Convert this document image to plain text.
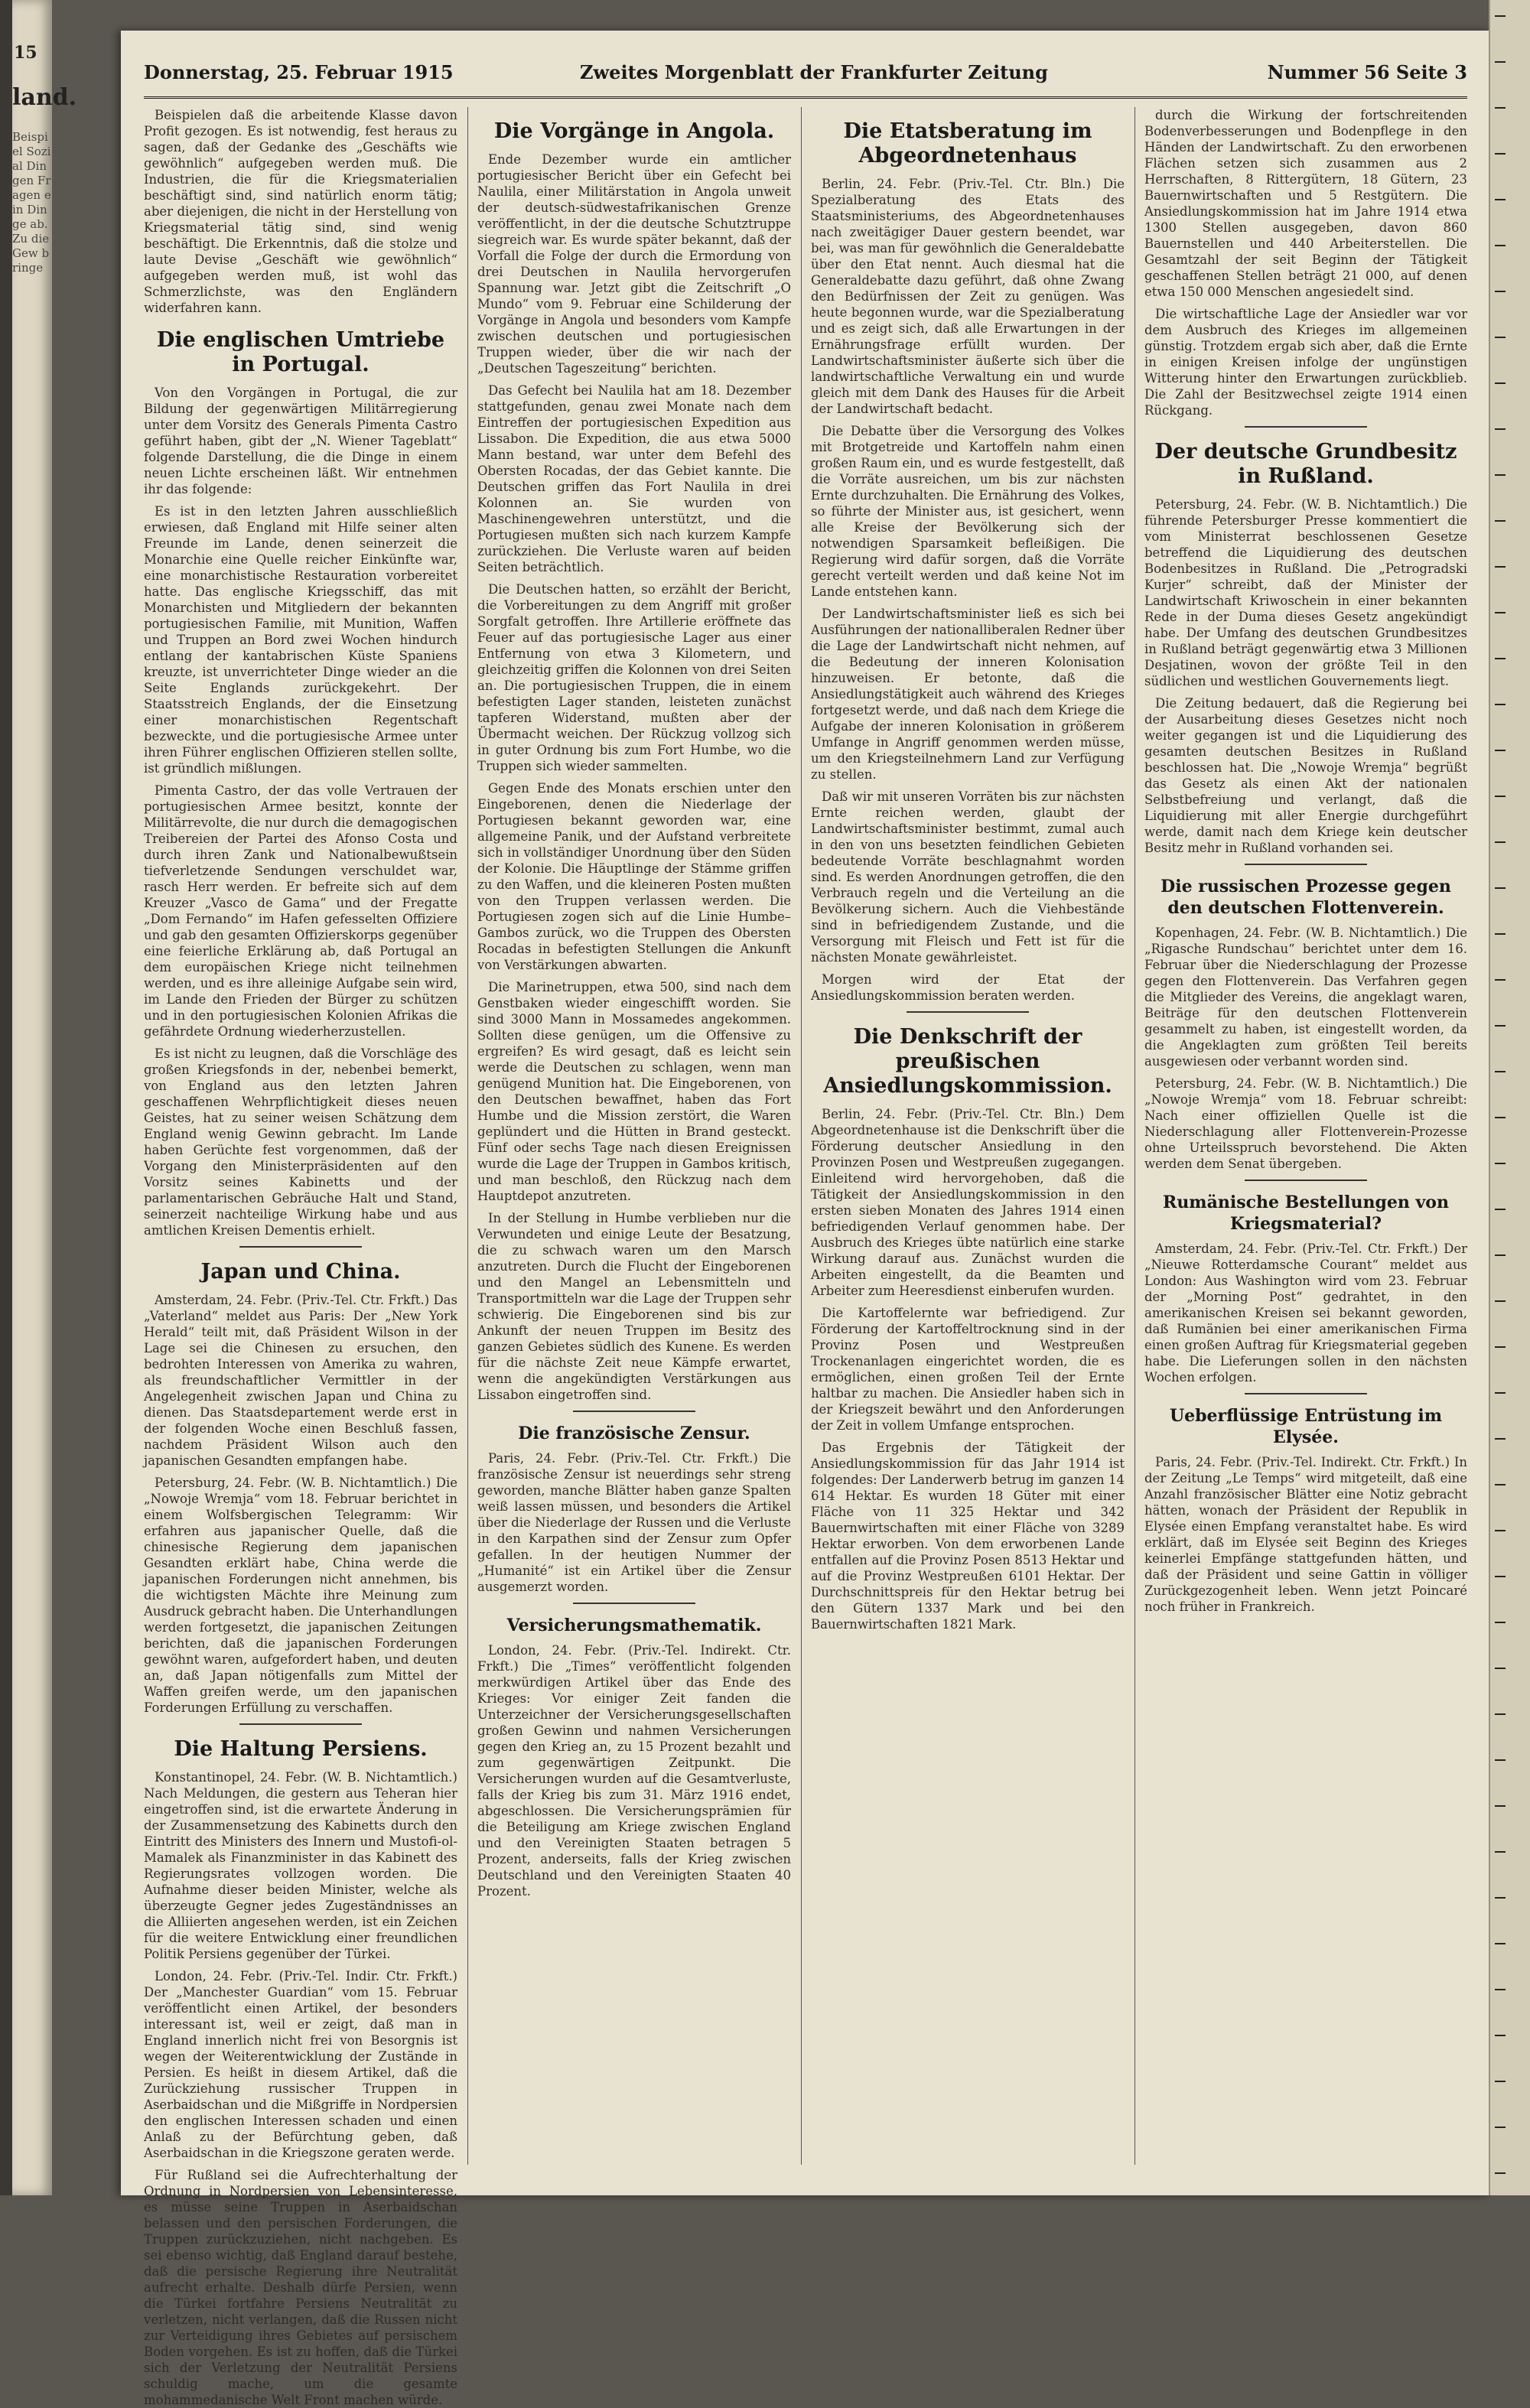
15
land.
Beispiel Sozial Dingen Fragen ein Dinge ab. Zu die Gew bringe
Donnerstag, 25. Februar 1915	Zweites Morgenblatt der Frankfurter Zeitung	Nummer 56 Seite 3

Beispielen daß die arbeitende Klasse davon Profit gezogen. Es ist notwendig, fest heraus zu sagen, daß der Gedanke des „Geschäfts wie gewöhnlich“ aufgegeben werden muß. Die Industrien, die für die Kriegsmaterialien beschäftigt sind, sind natürlich enorm tätig; aber diejenigen, die nicht in der Herstellung von Kriegsmaterial tätig sind, sind wenig beschäftigt. Die Erkenntnis, daß die stolze und laute Devise „Geschäft wie gewöhnlich“ aufgegeben werden muß, ist wohl das Schmerzlichste, was den Engländern widerfahren kann.

Die englischen Umtriebe in Portugal.

Von den Vorgängen in Portugal, die zur Bildung der gegenwärtigen Militärregierung unter dem Vorsitz des Generals Pimenta Castro geführt haben, gibt der „N. Wiener Tageblatt“ folgende Darstellung, die die Dinge in einem neuen Lichte erscheinen läßt. Wir entnehmen ihr das folgende:

Es ist in den letzten Jahren ausschließlich erwiesen, daß England mit Hilfe seiner alten Freunde im Lande, denen seinerzeit die Monarchie eine Quelle reicher Einkünfte war, eine monarchistische Restauration vorbereitet hatte. Das englische Kriegsschiff, das mit Monarchisten und Mitgliedern der bekannten portugiesischen Familie, mit Munition, Waffen und Truppen an Bord zwei Wochen hindurch entlang der kantabrischen Küste Spaniens kreuzte, ist unverrichteter Dinge wieder an die Seite Englands zurückgekehrt. Der Staatsstreich Englands, der die Einsetzung einer monarchistischen Regentschaft bezweckte, und die portugiesische Armee unter ihren Führer englischen Offizieren stellen sollte, ist gründlich mißlungen.

Pimenta Castro, der das volle Vertrauen der portugiesischen Armee besitzt, konnte der Militärrevolte, die nur durch die demagogischen Treibereien der Partei des Afonso Costa und durch ihren Zank und Nationalbewußtsein tiefverletzende Sendungen verschuldet war, rasch Herr werden. Er befreite sich auf dem Kreuzer „Vasco de Gama“ und der Fregatte „Dom Fernando“ im Hafen gefesselten Offiziere und gab den gesamten Offizierskorps gegenüber eine feierliche Erklärung ab, daß Portugal an dem europäischen Kriege nicht teilnehmen werden, und es ihre alleinige Aufgabe sein wird, im Lande den Frieden der Bürger zu schützen und in den portugiesischen Kolonien Afrikas die gefährdete Ordnung wiederherzustellen.

Es ist nicht zu leugnen, daß die Vorschläge des großen Kriegsfonds in der, nebenbei bemerkt, von England aus den letzten Jahren geschaffenen Wehrpflichtigkeit dieses neuen Geistes, hat zu seiner weisen Schätzung dem England wenig Gewinn gebracht. Im Lande haben Gerüchte fest vorgenommen, daß der Vorgang den Ministerpräsidenten auf den Vorsitz seines Kabinetts und der parlamentarischen Gebräuche Halt und Stand, seinerzeit nachteilige Wirkung habe und aus amtlichen Kreisen Dementis erhielt.

Japan und China.

Amsterdam, 24. Febr. (Priv.-Tel. Ctr. Frkft.) Das „Vaterland“ meldet aus Paris: Der „New York Herald“ teilt mit, daß Präsident Wilson in der Lage sei die Chinesen zu ersuchen, den bedrohten Interessen von Amerika zu wahren, als freundschaftlicher Vermittler in der Angelegenheit zwischen Japan und China zu dienen. Das Staatsdepartement werde erst in der folgenden Woche einen Beschluß fassen, nachdem Präsident Wilson auch den japanischen Gesandten empfangen habe.

Petersburg, 24. Febr. (W. B. Nichtamtlich.) Die „Nowoje Wremja“ vom 18. Februar berichtet in einem Wolfsbergischen Telegramm: Wir erfahren aus japanischer Quelle, daß die chinesische Regierung dem japanischen Gesandten erklärt habe, China werde die japanischen Forderungen nicht annehmen, bis die wichtigsten Mächte ihre Meinung zum Ausdruck gebracht haben. Die Unterhandlungen werden fortgesetzt, die japanischen Zeitungen berichten, daß die japanischen Forderungen gewöhnt waren, aufgefordert haben, und deuten an, daß Japan nötigenfalls zum Mittel der Waffen greifen werde, um den japanischen Forderungen Erfüllung zu verschaffen.

Die Haltung Persiens.

Konstantinopel, 24. Febr. (W. B. Nichtamtlich.) Nach Meldungen, die gestern aus Teheran hier eingetroffen sind, ist die erwartete Änderung in der Zusammensetzung des Kabinetts durch den Eintritt des Ministers des Innern und Mustofi-ol-Mamalek als Finanzminister in das Kabinett des Regierungsrates vollzogen worden. Die Aufnahme dieser beiden Minister, welche als überzeugte Gegner jedes Zugeständnisses an die Alliierten angesehen werden, ist ein Zeichen für die weitere Entwicklung einer freundlichen Politik Persiens gegenüber der Türkei.

London, 24. Febr. (Priv.-Tel. Indir. Ctr. Frkft.) Der „Manchester Guardian“ vom 15. Februar veröffentlicht einen Artikel, der besonders interessant ist, weil er zeigt, daß man in England innerlich nicht frei von Besorgnis ist wegen der Weiterentwicklung der Zustände in Persien. Es heißt in diesem Artikel, daß die Zurückziehung russischer Truppen in Aserbaidschan und die Mißgriffe in Nordpersien den englischen Interessen schaden und einen Anlaß zu der Befürchtung geben, daß Aserbaidschan in die Kriegszone geraten werde.

Für Rußland sei die Aufrechterhaltung der Ordnung in Nordpersien von Lebensinteresse, es müsse seine Truppen in Aserbaidschan belassen und den persischen Forderungen, die Truppen zurückzuziehen, nicht nachgeben. Es sei ebenso wichtig, daß England darauf bestehe, daß die persische Regierung ihre Neutralität aufrecht erhalte. Deshalb dürfe Persien, wenn die Türkei fortfahre Persiens Neutralität zu verletzen, nicht verlangen, daß die Russen nicht zur Verteidigung ihres Gebietes auf persischem Boden vorgehen. Es ist zu hoffen, daß die Türkei sich der Verletzung der Neutralität Persiens schuldig mache, um die gesamte mohammedanische Welt Front machen würde.

Die Vorgänge in Angola.

Ende Dezember wurde ein amtlicher portugiesischer Bericht über ein Gefecht bei Naulila, einer Militärstation in Angola unweit der deutsch-südwestafrikanischen Grenze veröffentlicht, in der die deutsche Schutztruppe siegreich war. Es wurde später bekannt, daß der Vorfall die Folge der durch die Ermordung von drei Deutschen in Naulila hervorgerufen Spannung war. Jetzt gibt die Zeitschrift „O Mundo“ vom 9. Februar eine Schilderung der Vorgänge in Angola und besonders vom Kampfe zwischen deutschen und portugiesischen Truppen wieder, über die wir nach der „Deutschen Tageszeitung“ berichten.

Das Gefecht bei Naulila hat am 18. Dezember stattgefunden, genau zwei Monate nach dem Eintreffen der portugiesischen Expedition aus Lissabon. Die Expedition, die aus etwa 5000 Mann bestand, war unter dem Befehl des Obersten Rocadas, der das Gebiet kannte. Die Deutschen griffen das Fort Naulila in drei Kolonnen an. Sie wurden von Maschinengewehren unterstützt, und die Portugiesen mußten sich nach kurzem Kampfe zurückziehen. Die Verluste waren auf beiden Seiten beträchtlich.

Die Deutschen hatten, so erzählt der Bericht, die Vorbereitungen zu dem Angriff mit großer Sorgfalt getroffen. Ihre Artillerie eröffnete das Feuer auf das portugiesische Lager aus einer Entfernung von etwa 3 Kilometern, und gleichzeitig griffen die Kolonnen von drei Seiten an. Die portugiesischen Truppen, die in einem befestigten Lager standen, leisteten zunächst tapferen Widerstand, mußten aber der Übermacht weichen. Der Rückzug vollzog sich in guter Ordnung bis zum Fort Humbe, wo die Truppen sich wieder sammelten.

Gegen Ende des Monats erschien unter den Eingeborenen, denen die Niederlage der Portugiesen bekannt geworden war, eine allgemeine Panik, und der Aufstand verbreitete sich in vollständiger Unordnung über den Süden der Kolonie. Die Häuptlinge der Stämme griffen zu den Waffen, und die kleineren Posten mußten von den Truppen verlassen werden. Die Portugiesen zogen sich auf die Linie Humbe–Gambos zurück, wo die Truppen des Obersten Rocadas in befestigten Stellungen die Ankunft von Verstärkungen abwarten.

Die Marinetruppen, etwa 500, sind nach dem Genstbaken wieder eingeschifft worden. Sie sind 3000 Mann in Mossamedes angekommen. Sollten diese genügen, um die Offensive zu ergreifen? Es wird gesagt, daß es leicht sein werde die Deutschen zu schlagen, wenn man genügend Munition hat. Die Eingeborenen, von den Deutschen bewaffnet, haben das Fort Humbe und die Mission zerstört, die Waren geplündert und die Hütten in Brand gesteckt. Fünf oder sechs Tage nach diesen Ereignissen wurde die Lage der Truppen in Gambos kritisch, und man beschloß, den Rückzug nach dem Hauptdepot anzutreten.

In der Stellung in Humbe verblieben nur die Verwundeten und einige Leute der Besatzung, die zu schwach waren um den Marsch anzutreten. Durch die Flucht der Eingeborenen und den Mangel an Lebensmitteln und Transportmitteln war die Lage der Truppen sehr schwierig. Die Eingeborenen sind bis zur Ankunft der neuen Truppen im Besitz des ganzen Gebietes südlich des Kunene. Es werden für die nächste Zeit neue Kämpfe erwartet, wenn die angekündigten Verstärkungen aus Lissabon eingetroffen sind.

Die französische Zensur.

Paris, 24. Febr. (Priv.-Tel. Ctr. Frkft.) Die französische Zensur ist neuerdings sehr streng geworden, manche Blätter haben ganze Spalten weiß lassen müssen, und besonders die Artikel über die Niederlage der Russen und die Verluste in den Karpathen sind der Zensur zum Opfer gefallen. In der heutigen Nummer der „Humanité“ ist ein Artikel über die Zensur ausgemerzt worden.

Versicherungsmathematik.

London, 24. Febr. (Priv.-Tel. Indirekt. Ctr. Frkft.) Die „Times“ veröffentlicht folgenden merkwürdigen Artikel über das Ende des Krieges: Vor einiger Zeit fanden die Unterzeichner der Versicherungsgesellschaften großen Gewinn und nahmen Versicherungen gegen den Krieg an, zu 15 Prozent bezahlt und zum gegenwärtigen Zeitpunkt. Die Versicherungen wurden auf die Gesamtverluste, falls der Krieg bis zum 31. März 1916 endet, abgeschlossen. Die Versicherungsprämien für die Beteiligung am Kriege zwischen England und den Vereinigten Staaten betragen 5 Prozent, anderseits, falls der Krieg zwischen Deutschland und den Vereinigten Staaten 40 Prozent.

Die Etatsberatung im Abgeordnetenhaus

Berlin, 24. Febr. (Priv.-Tel. Ctr. Bln.) Die Spezialberatung des Etats des Staatsministeriums, des Abgeordnetenhauses nach zweitägiger Dauer gestern beendet, war bei, was man für gewöhnlich die Generaldebatte über den Etat nennt. Auch diesmal hat die Generaldebatte dazu geführt, daß ohne Zwang den Bedürfnissen der Zeit zu genügen. Was heute begonnen wurde, war die Spezialberatung und es zeigt sich, daß alle Erwartungen in der Ernährungsfrage erfüllt wurden. Der Landwirtschaftsminister äußerte sich über die landwirtschaftliche Verwaltung ein und wurde gleich mit dem Dank des Hauses für die Arbeit der Landwirtschaft bedacht.

Die Debatte über die Versorgung des Volkes mit Brotgetreide und Kartoffeln nahm einen großen Raum ein, und es wurde festgestellt, daß die Vorräte ausreichen, um bis zur nächsten Ernte durchzuhalten. Die Ernährung des Volkes, so führte der Minister aus, ist gesichert, wenn alle Kreise der Bevölkerung sich der notwendigen Sparsamkeit befleißigen. Die Regierung wird dafür sorgen, daß die Vorräte gerecht verteilt werden und daß keine Not im Lande entstehen kann.

Der Landwirtschaftsminister ließ es sich bei Ausführungen der nationalliberalen Redner über die Lage der Landwirtschaft nicht nehmen, auf die Bedeutung der inneren Kolonisation hinzuweisen. Er betonte, daß die Ansiedlungstätigkeit auch während des Krieges fortgesetzt werde, und daß nach dem Kriege die Aufgabe der inneren Kolonisation in größerem Umfange in Angriff genommen werden müsse, um den Kriegsteilnehmern Land zur Verfügung zu stellen.

Daß wir mit unseren Vorräten bis zur nächsten Ernte reichen werden, glaubt der Landwirtschaftsminister bestimmt, zumal auch in den von uns besetzten feindlichen Gebieten bedeutende Vorräte beschlagnahmt worden sind. Es werden Anordnungen getroffen, die den Verbrauch regeln und die Verteilung an die Bevölkerung sichern. Auch die Viehbestände sind in befriedigendem Zustande, und die Versorgung mit Fleisch und Fett ist für die nächsten Monate gewährleistet.

Morgen wird der Etat der Ansiedlungskommission beraten werden.

Die Denkschrift der preußischen Ansiedlungskommission.

Berlin, 24. Febr. (Priv.-Tel. Ctr. Bln.) Dem Abgeordnetenhause ist die Denkschrift über die Förderung deutscher Ansiedlung in den Provinzen Posen und Westpreußen zugegangen. Einleitend wird hervorgehoben, daß die Tätigkeit der Ansiedlungskommission in den ersten sieben Monaten des Jahres 1914 einen befriedigenden Verlauf genommen habe. Der Ausbruch des Krieges übte natürlich eine starke Wirkung darauf aus. Zunächst wurden die Arbeiten eingestellt, da die Beamten und Arbeiter zum Heeresdienst einberufen wurden.

Die Kartoffelernte war befriedigend. Zur Förderung der Kartoffeltrocknung sind in der Provinz Posen und Westpreußen Trockenanlagen eingerichtet worden, die es ermöglichen, einen großen Teil der Ernte haltbar zu machen. Die Ansiedler haben sich in der Kriegszeit bewährt und den Anforderungen der Zeit in vollem Umfange entsprochen.

Das Ergebnis der Tätigkeit der Ansiedlungskommission für das Jahr 1914 ist folgendes: Der Landerwerb betrug im ganzen 14 614 Hektar. Es wurden 18 Güter mit einer Fläche von 11 325 Hektar und 342 Bauernwirtschaften mit einer Fläche von 3289 Hektar erworben. Von dem erworbenen Lande entfallen auf die Provinz Posen 8513 Hektar und auf die Provinz Westpreußen 6101 Hektar. Der Durchschnittspreis für den Hektar betrug bei den Gütern 1337 Mark und bei den Bauernwirtschaften 1821 Mark.

durch die Wirkung der fortschreitenden Bodenverbesserungen und Bodenpflege in den Händen der Landwirtschaft. Zu den erworbenen Flächen setzen sich zusammen aus 2 Herrschaften, 8 Rittergütern, 18 Gütern, 23 Bauernwirtschaften und 5 Restgütern. Die Ansiedlungskommission hat im Jahre 1914 etwa 1300 Stellen ausgegeben, davon 860 Bauernstellen und 440 Arbeiterstellen. Die Gesamtzahl der seit Beginn der Tätigkeit geschaffenen Stellen beträgt 21 000, auf denen etwa 150 000 Menschen angesiedelt sind.

Die wirtschaftliche Lage der Ansiedler war vor dem Ausbruch des Krieges im allgemeinen günstig. Trotzdem ergab sich aber, daß die Ernte in einigen Kreisen infolge der ungünstigen Witterung hinter den Erwartungen zurückblieb. Die Zahl der Besitzwechsel zeigte 1914 einen Rückgang.

Der deutsche Grundbesitz in Rußland.

Petersburg, 24. Febr. (W. B. Nichtamtlich.) Die führende Petersburger Presse kommentiert die vom Ministerrat beschlossenen Gesetze betreffend die Liquidierung des deutschen Bodenbesitzes in Rußland. Die „Petrogradski Kurjer“ schreibt, daß der Minister der Landwirtschaft Kriwoschein in einer bekannten Rede in der Duma dieses Gesetz angekündigt habe. Der Umfang des deutschen Grundbesitzes in Rußland beträgt gegenwärtig etwa 3 Millionen Desjatinen, wovon der größte Teil in den südlichen und westlichen Gouvernements liegt.

Die Zeitung bedauert, daß die Regierung bei der Ausarbeitung dieses Gesetzes nicht noch weiter gegangen ist und die Liquidierung des gesamten deutschen Besitzes in Rußland beschlossen hat. Die „Nowoje Wremja“ begrüßt das Gesetz als einen Akt der nationalen Selbstbefreiung und verlangt, daß die Liquidierung mit aller Energie durchgeführt werde, damit nach dem Kriege kein deutscher Besitz mehr in Rußland vorhanden sei.

Die russischen Prozesse gegen den deutschen Flottenverein.

Kopenhagen, 24. Febr. (W. B. Nichtamtlich.) Die „Rigasche Rundschau“ berichtet unter dem 16. Februar über die Niederschlagung der Prozesse gegen den Flottenverein. Das Verfahren gegen die Mitglieder des Vereins, die angeklagt waren, Beiträge für den deutschen Flottenverein gesammelt zu haben, ist eingestellt worden, da die Angeklagten zum größten Teil bereits ausgewiesen oder verbannt worden sind.

Petersburg, 24. Febr. (W. B. Nichtamtlich.) Die „Nowoje Wremja“ vom 18. Februar schreibt: Nach einer offiziellen Quelle ist die Niederschlagung aller Flottenverein-Prozesse ohne Urteilsspruch bevorstehend. Die Akten werden dem Senat übergeben.

Rumänische Bestellungen von Kriegsmaterial?

Amsterdam, 24. Febr. (Priv.-Tel. Ctr. Frkft.) Der „Nieuwe Rotterdamsche Courant“ meldet aus London: Aus Washington wird vom 23. Februar der „Morning Post“ gedrahtet, in den amerikanischen Kreisen sei bekannt geworden, daß Rumänien bei einer amerikanischen Firma einen großen Auftrag für Kriegsmaterial gegeben habe. Die Lieferungen sollen in den nächsten Wochen erfolgen.

Ueberflüssige Entrüstung im Elysée.

Paris, 24. Febr. (Priv.-Tel. Indirekt. Ctr. Frkft.) In der Zeitung „Le Temps“ wird mitgeteilt, daß eine Anzahl französischer Blätter eine Notiz gebracht hätten, wonach der Präsident der Republik in Elysée einen Empfang veranstaltet habe. Es wird erklärt, daß im Elysée seit Beginn des Krieges keinerlei Empfänge stattgefunden hätten, und daß der Präsident und seine Gattin in völliger Zurückgezogenheit leben. Wenn jetzt Poincaré noch früher in Frankreich.
